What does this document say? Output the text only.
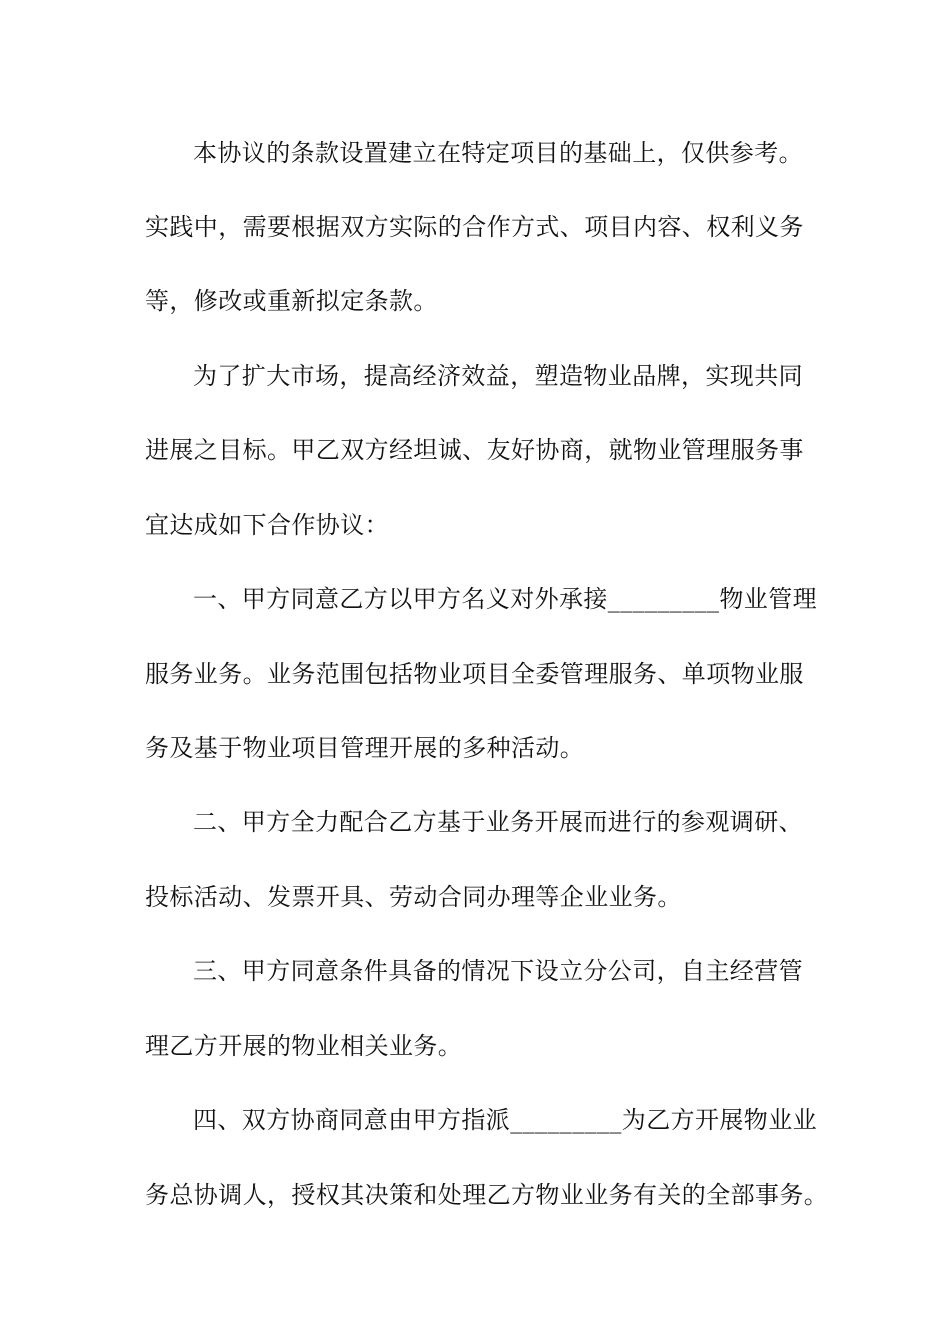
本协议的条款设置建立在特定项目的基础上，仅供参考。
实践中，需要根据双方实际的合作方式、项目内容、权利义务
等，修改或重新拟定条款。
为了扩大市场，提高经济效益，塑造物业品牌，实现共同
进展之目标。甲乙双方经坦诚、友好协商，就物业管理服务事
宜达成如下合作协议：
一、甲方同意乙方以甲方名义对外承接_________物业管理
服务业务。业务范围包括物业项目全委管理服务、单项物业服
务及基于物业项目管理开展的多种活动。
二、甲方全力配合乙方基于业务开展而进行的参观调研、
投标活动、发票开具、劳动合同办理等企业业务。
三、甲方同意条件具备的情况下设立分公司，自主经营管
理乙方开展的物业相关业务。
四、双方协商同意由甲方指派_________为乙方开展物业业
务总协调人，授权其决策和处理乙方物业业务有关的全部事务。
